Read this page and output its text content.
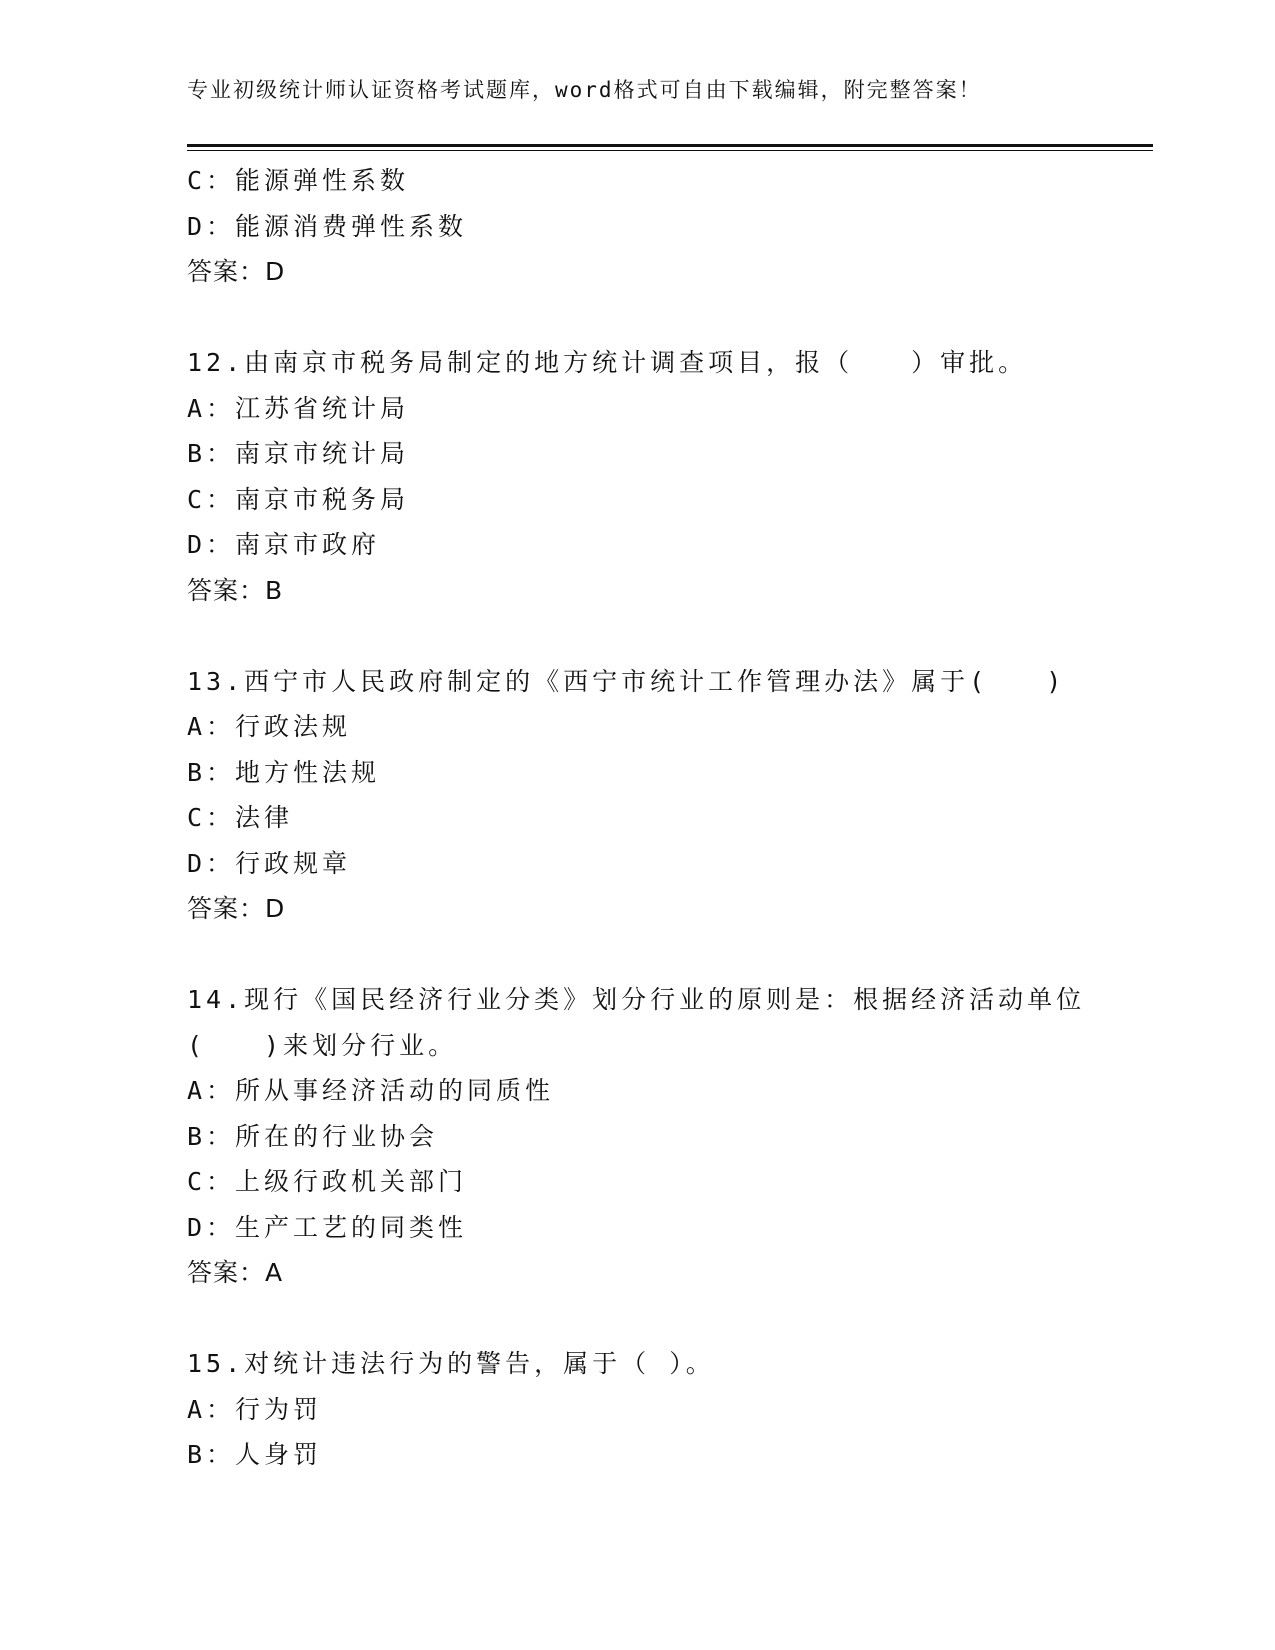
专业初级统计师认证资格考试题库，word格式可自由下载编辑，附完整答案！
C：能源弹性系数
D：能源消费弹性系数
答案：D
12.由南京市税务局制定的地方统计调查项目，报（　　）审批。
A：江苏省统计局
B：南京市统计局
C：南京市税务局
D：南京市政府
答案：B
13.西宁市人民政府制定的《西宁市统计工作管理办法》属于(　　)
A：行政法规
B：地方性法规
C：法律
D：行政规章
答案：D
14.现行《国民经济行业分类》划分行业的原则是：根据经济活动单位
(　　)来划分行业。
A：所从事经济活动的同质性
B：所在的行业协会
C：上级行政机关部门
D：生产工艺的同类性
答案：A
15.对统计违法行为的警告，属于（ ）。
A：行为罚
B：人身罚
